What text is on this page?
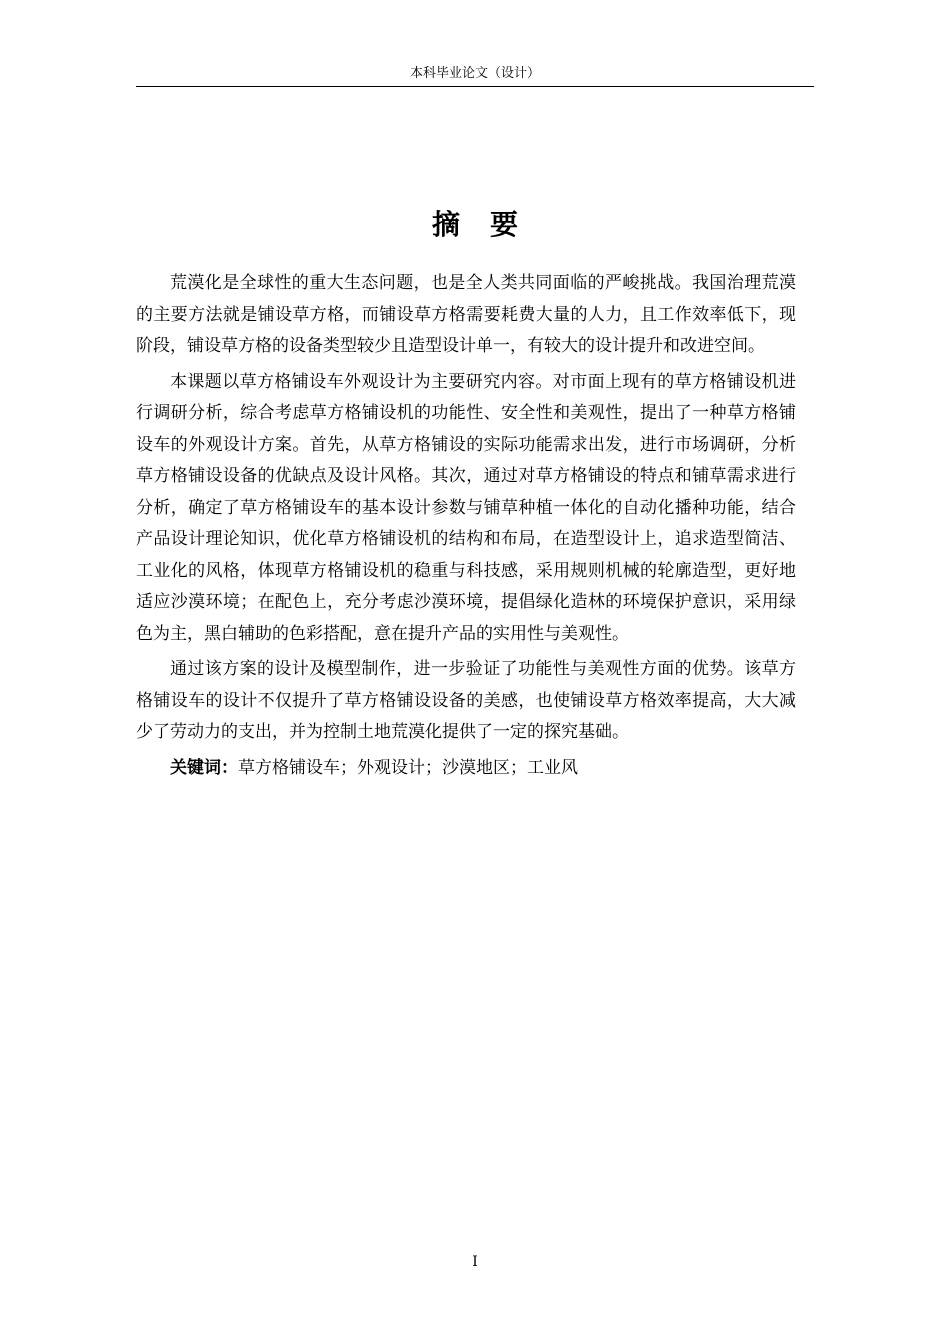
本科毕业论文（设计）
摘要

荒漠化是全球性的重大生态问题，也是全人类共同面临的严峻挑战。我国治理荒漠的主要方法就是铺设草方格，而铺设草方格需要耗费大量的人力，且工作效率低下，现阶段，铺设草方格的设备类型较少且造型设计单一，有较大的设计提升和改进空间。

本课题以草方格铺设车外观设计为主要研究内容。对市面上现有的草方格铺设机进行调研分析，综合考虑草方格铺设机的功能性、安全性和美观性，提出了一种草方格铺设车的外观设计方案。首先，从草方格铺设的实际功能需求出发，进行市场调研，分析草方格铺设设备的优缺点及设计风格。其次，通过对草方格铺设的特点和铺草需求进行分析，确定了草方格铺设车的基本设计参数与铺草种植一体化的自动化播种功能，结合产品设计理论知识，优化草方格铺设机的结构和布局，在造型设计上，追求造型简洁、工业化的风格，体现草方格铺设机的稳重与科技感，采用规则机械的轮廓造型，更好地适应沙漠环境；在配色上，充分考虑沙漠环境，提倡绿化造林的环境保护意识，采用绿色为主，黑白辅助的色彩搭配，意在提升产品的实用性与美观性。

通过该方案的设计及模型制作，进一步验证了功能性与美观性方面的优势。该草方格铺设车的设计不仅提升了草方格铺设设备的美感，也使铺设草方格效率提高，大大减少了劳动力的支出，并为控制土地荒漠化提供了一定的探究基础。

关键词：草方格铺设车；外观设计；沙漠地区；工业风

I
